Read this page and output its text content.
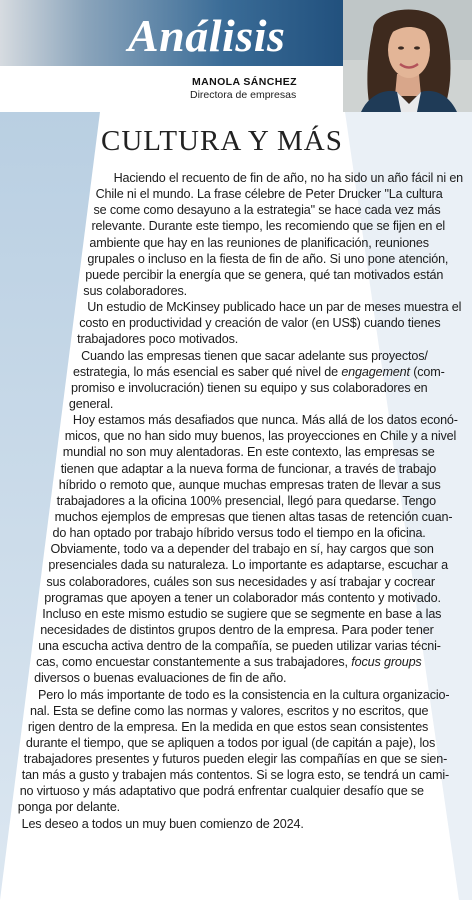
Análisis
MANOLA SÁNCHEZ
Directora de empresas
CULTURA Y MÁS
Haciendo el recuento de fin de año, no ha sido un año fácil ni en
Chile ni el mundo. La frase célebre de Peter Drucker "La cultura
se come como desayuno a la estrategia" se hace cada vez más
relevante. Durante este tiempo, les recomiendo que se fijen en el
ambiente que hay en las reuniones de planificación, reuniones
grupales o incluso en la fiesta de fin de año. Si uno pone atención,
puede percibir la energía que se genera, qué tan motivados están
sus colaboradores.
Un estudio de McKinsey publicado hace un par de meses muestra el
costo en productividad y creación de valor (en US$) cuando tienes
trabajadores poco motivados.
Cuando las empresas tienen que sacar adelante sus proyectos/
estrategia, lo más esencial es saber qué nivel de engagement (com-
promiso e involucración) tienen su equipo y sus colaboradores en
general.
Hoy estamos más desafiados que nunca. Más allá de los datos econó-
micos, que no han sido muy buenos, las proyecciones en Chile y a nivel
mundial no son muy alentadoras. En este contexto, las empresas se
tienen que adaptar a la nueva forma de funcionar, a través de trabajo
híbrido o remoto que, aunque muchas empresas traten de llevar a sus
trabajadores a la oficina 100% presencial, llegó para quedarse. Tengo
muchos ejemplos de empresas que tienen altas tasas de retención cuan-
do han optado por trabajo híbrido versus todo el tiempo en la oficina.
Obviamente, todo va a depender del trabajo en sí, hay cargos que son
presenciales dada su naturaleza. Lo importante es adaptarse, escuchar a
sus colaboradores, cuáles son sus necesidades y así trabajar y cocrear
programas que apoyen a tener un colaborador más contento y motivado.
Incluso en este mismo estudio se sugiere que se segmente en base a las
necesidades de distintos grupos dentro de la empresa. Para poder tener
una escucha activa dentro de la compañía, se pueden utilizar varias técni-
cas, como encuestar constantemente a sus trabajadores, focus groups
diversos o buenas evaluaciones de fin de año.
Pero lo más importante de todo es la consistencia en la cultura organizacio-
nal. Esta se define como las normas y valores, escritos y no escritos, que
rigen dentro de la empresa. En la medida en que estos sean consistentes
durante el tiempo, que se apliquen a todos por igual (de capitán a paje), los
trabajadores presentes y futuros pueden elegir las compañías en que se sien-
tan más a gusto y trabajen más contentos. Si se logra esto, se tendrá un cami-
no virtuoso y más adaptativo que podrá enfrentar cualquier desafío que se
ponga por delante.
Les deseo a todos un muy buen comienzo de 2024.
